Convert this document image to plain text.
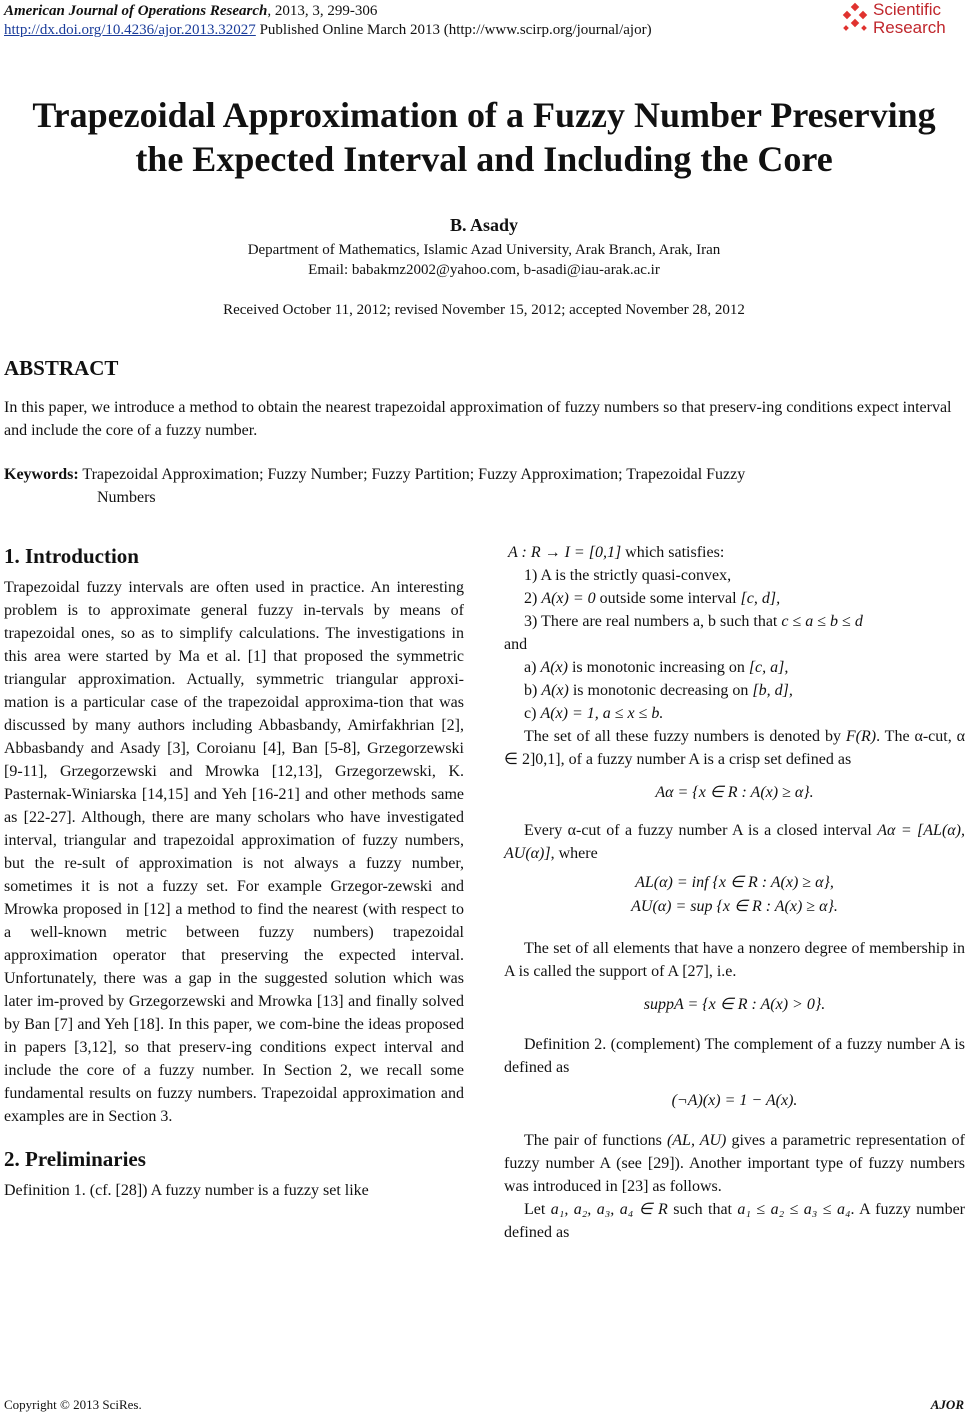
American Journal of Operations Research, 2013, 3, 299-306
http://dx.doi.org/10.4236/ajor.2013.32027 Published Online March 2013 (http://www.scirp.org/journal/ajor)
Scientific
Research
Trapezoidal Approximation of a Fuzzy Number Preserving
the Expected Interval and Including the Core
B. Asady
Department of Mathematics, Islamic Azad University, Arak Branch, Arak, Iran
Email: babakmz2002@yahoo.com, b-asadi@iau-arak.ac.ir
Received October 11, 2012; revised November 15, 2012; accepted November 28, 2012
ABSTRACT
In this paper, we introduce a method to obtain the nearest trapezoidal approximation of fuzzy numbers so that preserv-ing conditions expect interval and include the core of a fuzzy number.
Keywords: Trapezoidal Approximation; Fuzzy Number; Fuzzy Partition; Fuzzy Approximation; Trapezoidal Fuzzy
Numbers
1. Introduction

Trapezoidal fuzzy intervals are often used in practice. An interesting problem is to approximate general fuzzy in-tervals by means of trapezoidal ones, so as to simplify calculations. The investigations in this area were started by Ma et al. [1] that proposed the symmetric triangular approximation. Actually, symmetric triangular approxi-mation is a particular case of the trapezoidal approxima-tion that was discussed by many authors including Abbasbandy, Amirfakhrian [2], Abbasbandy and Asady [3], Coroianu [4], Ban [5-8], Grzegorzewski [9-11], Grzegorzewski and Mrowka [12,13], Grzegorzewski, K. Pasternak-Winiarska [14,15] and Yeh [16-21] and other methods same as [22-27]. Although, there are many scholars who have investigated interval, triangular and trapezoidal approximation of fuzzy numbers, but the re-sult of approximation is not always a fuzzy number, sometimes it is not a fuzzy set. For example Grzegor-zewski and Mrowka proposed in [12] a method to find the nearest (with respect to a well-known metric between fuzzy numbers) trapezoidal approximation operator that preserving the expected interval. Unfortunately, there was a gap in the suggested solution which was later im-proved by Grzegorzewski and Mrowka [13] and finally solved by Ban [7] and Yeh [18]. In this paper, we com-bine the ideas proposed in papers [3,12], so that preserv-ing conditions expect interval and include the core of a fuzzy number. In Section 2, we recall some fundamental results on fuzzy numbers. Trapezoidal approximation and examples are in Section 3.

2. Preliminaries

Definition 1. (cf. [28]) A fuzzy number is a fuzzy set like

A : R → I = [0,1] which satisfies:
1) A is the strictly quasi-convex,
2) A(x) = 0 outside some interval [c, d],
3) There are real numbers a, b such that c ≤ a ≤ b ≤ d
and
a) A(x) is monotonic increasing on [c, a],
b) A(x) is monotonic decreasing on [b, d],
c) A(x) = 1, a ≤ x ≤ b.

The set of all these fuzzy numbers is denoted by F(R). The α-cut, α ∈ 2]0,1], of a fuzzy number A is a crisp set defined as

Aα = {x ∈ R : A(x) ≥ α}.

Every α-cut of a fuzzy number A is a closed interval Aα = [AL(α), AU(α)], where

AL(α) = inf {x ∈ R : A(x) ≥ α},
AU(α) = sup {x ∈ R : A(x) ≥ α}.

The set of all elements that have a nonzero degree of membership in A is called the support of A [27], i.e.

suppA = {x ∈ R : A(x) > 0}.

Definition 2. (complement) The complement of a fuzzy number A is defined as

(¬A)(x) = 1 − A(x).

The pair of functions (AL, AU) gives a parametric representation of fuzzy number A (see [29]). Another important type of fuzzy numbers was introduced in [23] as follows.

Let a₁, a₂, a₃, a₄ ∈ R such that a₁ ≤ a₂ ≤ a₃ ≤ a₄. A fuzzy number defined as

Copyright © 2013 SciRes.	AJOR
